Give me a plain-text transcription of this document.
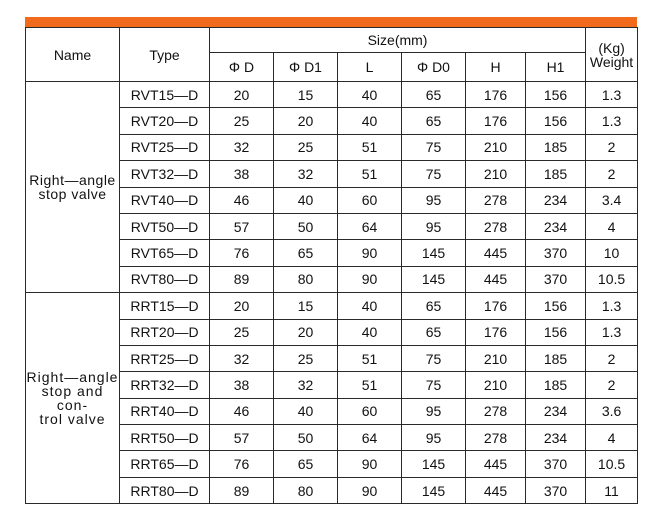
Name	Type	Size(mm)						(Kg)
Weight
		Φ D	Φ D1	L	Φ D0	H	H1	
Right—angle
stop valve	RVT15—D	20	15	40	65	176	156	1.3
	RVT20—D	25	20	40	65	176	156	1.3
	RVT25—D	32	25	51	75	210	185	2
	RVT32—D	38	32	51	75	210	185	2
	RVT40—D	46	40	60	95	278	234	3.4
	RVT50—D	57	50	64	95	278	234	4
	RVT65—D	76	65	90	145	445	370	10
	RVT80—D	89	80	90	145	445	370	10.5
Right—angle
stop and con-
trol valve	RRT15—D	20	15	40	65	176	156	1.3
	RRT20—D	25	20	40	65	176	156	1.3
	RRT25—D	32	25	51	75	210	185	2
	RRT32—D	38	32	51	75	210	185	2
	RRT40—D	46	40	60	95	278	234	3.6
	RRT50—D	57	50	64	95	278	234	4
	RRT65—D	76	65	90	145	445	370	10.5
	RRT80—D	89	80	90	145	445	370	11
